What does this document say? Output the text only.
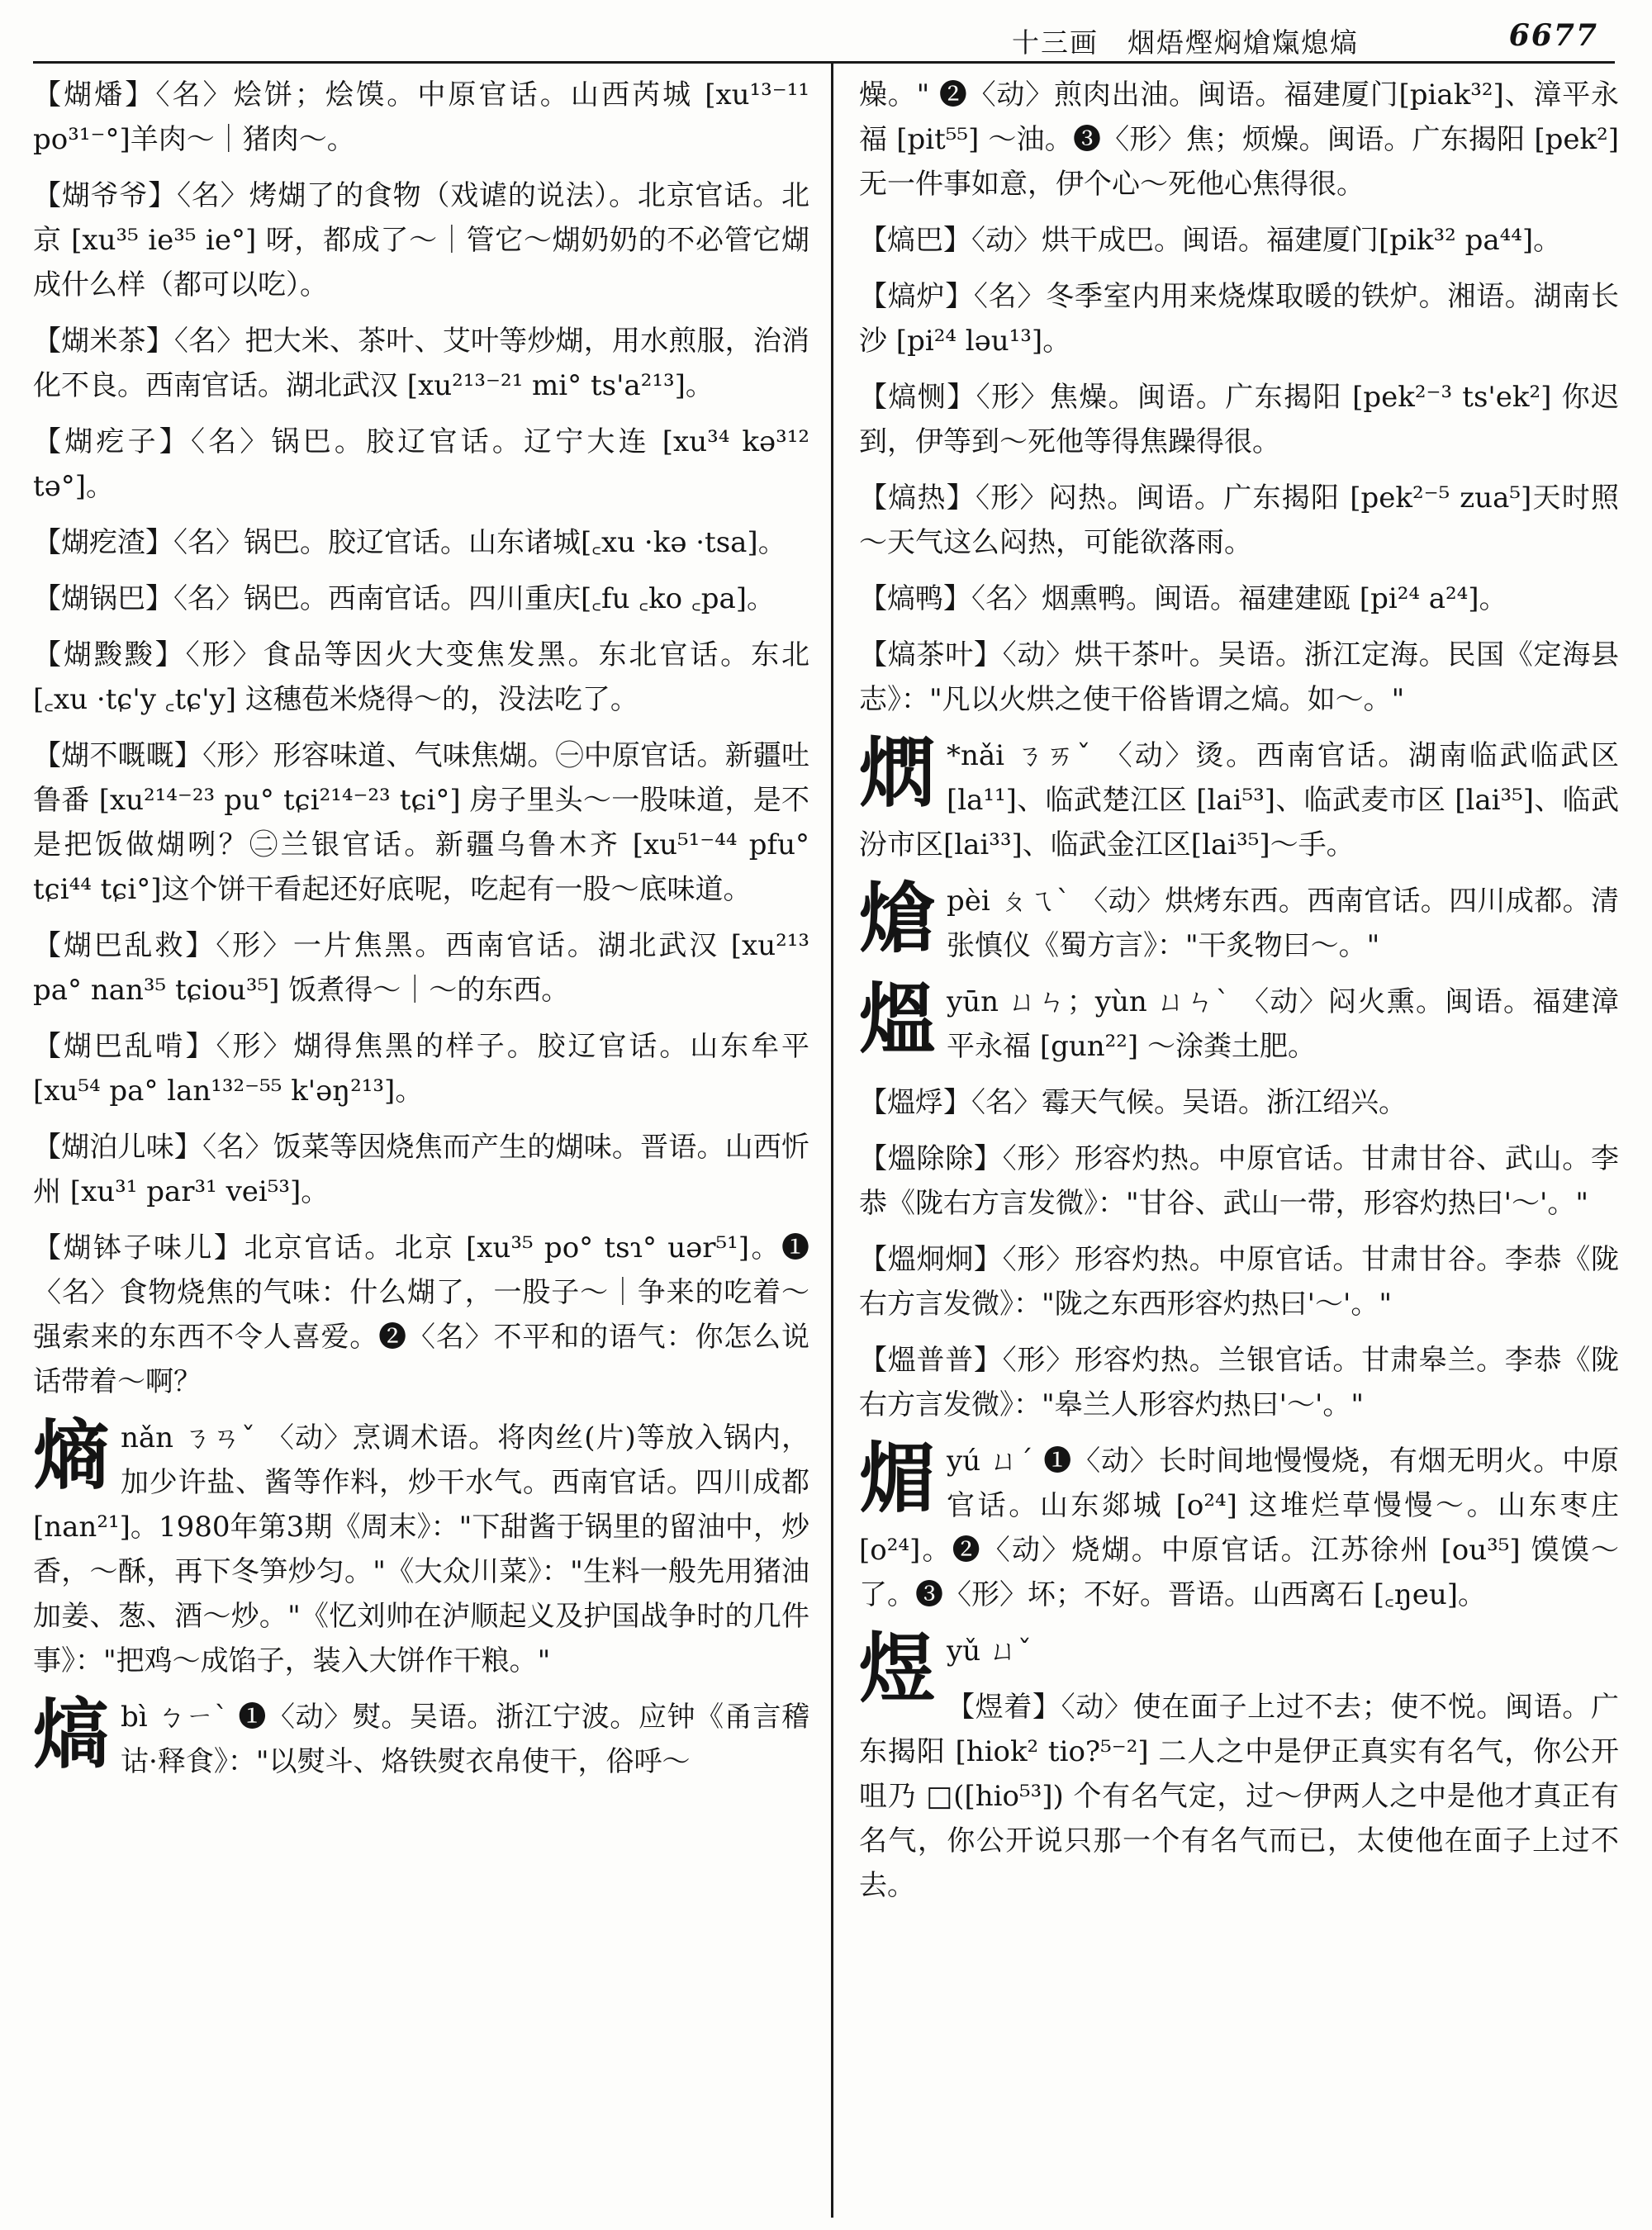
十三画　烟焐熞焖熗熂熄熇	6677
【煳燔】〈名〉烩饼；烩馍。中原官话。山西芮城 [xu¹³⁻¹¹ po³¹⁻°]羊肉～｜猪肉～。
【煳爷爷】〈名〉烤煳了的食物（戏谑的说法）。北京官话。北京 [xu³⁵ ie³⁵ ie°] 呀，都成了～｜管它～煳奶奶的不必管它煳成什么样（都可以吃）。
【煳米茶】〈名〉把大米、茶叶、艾叶等炒煳，用水煎服，治消化不良。西南官话。湖北武汉 [xu²¹³⁻²¹ mi° ts'a²¹³]。
【煳疙子】〈名〉锅巴。胶辽官话。辽宁大连 [xu³⁴ kə³¹² tə°]。
【煳疙渣】〈名〉锅巴。胶辽官话。山东诸城[꜀xu ·kə ·tsa]。
【煳锅巴】〈名〉锅巴。西南官话。四川重庆[꜀fu ꜀ko ꜀pa]。
【煳黢黢】〈形〉食品等因火大变焦发黑。东北官话。东北 [꜀xu ·tɕ'y ꜀tɕ'y] 这穗苞米烧得～的，没法吃了。
【煳不嘅嘅】〈形〉形容味道、气味焦煳。㊀中原官话。新疆吐鲁番 [xu²¹⁴⁻²³ pu° tɕi²¹⁴⁻²³ tɕi°] 房子里头～一股味道，是不是把饭做煳咧？㊁兰银官话。新疆乌鲁木齐 [xu⁵¹⁻⁴⁴ pfu° tɕi⁴⁴ tɕi°]这个饼干看起还好底呢，吃起有一股～底味道。
【煳巴乱救】〈形〉一片焦黑。西南官话。湖北武汉 [xu²¹³ pa° nan³⁵ tɕiou³⁵] 饭煮得～｜～的东西。
【煳巴乱啃】〈形〉煳得焦黑的样子。胶辽官话。山东牟平 [xu⁵⁴ pa° lan¹³²⁻⁵⁵ k'əŋ²¹³]。
【煳泊儿味】〈名〉饭菜等因烧焦而产生的煳味。晋语。山西忻州 [xu³¹ par³¹ vei⁵³]。
【煳钵子味儿】北京官话。北京 [xu³⁵ po° tsɿ° uər⁵¹]。❶〈名〉食物烧焦的气味：什么煳了，一股子～｜争来的吃着～强索来的东西不令人喜爱。❷〈名〉不平和的语气：你怎么说话带着～啊？
熵nǎn ㄋㄢˇ 〈动〉烹调术语。将肉丝(片)等放入锅内，加少许盐、酱等作料，炒干水气。西南官话。四川成都 [nan²¹]。1980年第3期《周末》："下甜酱于锅里的留油中，炒香，～酥，再下冬笋炒匀。"《大众川菜》："生料一般先用猪油加姜、葱、酒～炒。"《忆刘帅在泸顺起义及护国战争时的几件事》："把鸡～成馅子，装入大饼作干粮。"
熇bì ㄅㄧˋ ❶〈动〉熨。吴语。浙江宁波。应钟《甬言稽诂·释食》："以熨斗、烙铁熨衣帛使干，俗呼～
燥。" ❷〈动〉煎肉出油。闽语。福建厦门[piak³²]、漳平永福 [pit⁵⁵] ～油。❸〈形〉焦；烦燥。闽语。广东揭阳 [pek²] 无一件事如意，伊个心～死他心焦得很。
【熇巴】〈动〉烘干成巴。闽语。福建厦门[pik³² pa⁴⁴]。
【熇炉】〈名〉冬季室内用来烧煤取暖的铁炉。湘语。湖南长沙 [pi²⁴ ləu¹³]。
【熇恻】〈形〉焦燥。闽语。广东揭阳 [pek²⁻³ ts'ek²] 你迟到，伊等到～死他等得焦躁得很。
【熇热】〈形〉闷热。闽语。广东揭阳 [pek²⁻⁵ zua⁵]天时照～天气这么闷热，可能欲落雨。
【熇鸭】〈名〉烟熏鸭。闽语。福建建瓯 [pi²⁴ a²⁴]。
【熇茶叶】〈动〉烘干茶叶。吴语。浙江定海。民国《定海县志》："凡以火烘之使干俗皆谓之熇。如～。"
熌 *nǎi ㄋㄞˇ 〈动〉烫。西南官话。湖南临武临武区 [la¹¹]、临武楚江区 [lai⁵³]、临武麦市区 [lai³⁵]、临武汾市区[lai³³]、临武金江区[lai³⁵]～手。
熗pèi ㄆㄟˋ 〈动〉烘烤东西。西南官话。四川成都。清张慎仪《蜀方言》："干炙物曰～。"
熅yūn ㄩㄣ；yùn ㄩㄣˋ 〈动〉闷火熏。闽语。福建漳平永福 [gun²²] ～涂粪土肥。
【熅烰】〈名〉霉天气候。吴语。浙江绍兴。
【熅除除】〈形〉形容灼热。中原官话。甘肃甘谷、武山。李恭《陇右方言发微》："甘谷、武山一带，形容灼热曰'～'。"
【熅炯炯】〈形〉形容灼热。中原官话。甘肃甘谷。李恭《陇右方言发微》："陇之东西形容灼热曰'～'。"
【熅普普】〈形〉形容灼热。兰银官话。甘肃皋兰。李恭《陇右方言发微》："皋兰人形容灼热曰'～'。"
煝yú ㄩˊ ❶〈动〉长时间地慢慢烧，有烟无明火。中原官话。山东郯城 [o²⁴] 这堆烂草慢慢～。山东枣庄 [o²⁴]。❷〈动〉烧煳。中原官话。江苏徐州 [ou³⁵] 馍馍～了。❸〈形〉坏；不好。晋语。山西离石 [꜀ŋeu]。
煜yǔ ㄩˇ
【煜着】〈动〉使在面子上过不去；使不悦。闽语。广东揭阳 [hiok² tio?⁵⁻²] 二人之中是伊正真实有名气，你公开咀乃 □([hio⁵³]) 个有名气定，过～伊两人之中是他才真正有名气，你公开说只那一个有名气而已，太使他在面子上过不去。
